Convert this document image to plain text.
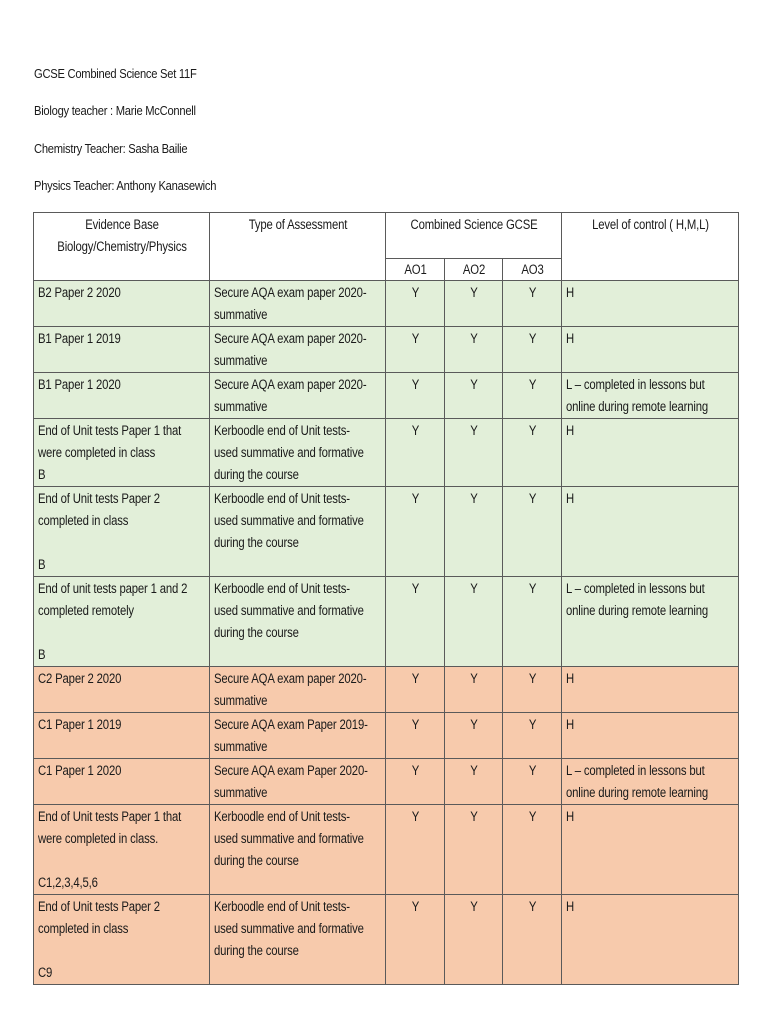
GCSE Combined Science Set 11F
Biology teacher : Marie McConnell
Chemistry Teacher: Sasha Bailie
Physics Teacher: Anthony Kanasewich
Evidence Base
Biology/Chemistry/Physics	Type of Assessment	Combined Science GCSE			Level of control ( H,M,L)

		AO1	AO2	AO3	

B2 Paper 2 2020	Secure AQA exam paper 2020-
summative	Y	Y	Y	H
B1 Paper 1 2019	Secure AQA exam paper 2020-
summative	Y	Y	Y	H
B1 Paper 1 2020	Secure AQA exam paper 2020-
summative	Y	Y	Y	L – completed in lessons but
online during remote learning
End of Unit tests Paper 1 that
were completed in class
B	Kerboodle end of Unit tests-
used summative and formative
during the course	Y	Y	Y	H
End of Unit tests Paper 2
completed in class

B	Kerboodle end of Unit tests-
used summative and formative
during the course	Y	Y	Y	H
End of unit tests paper 1 and 2
completed remotely

B	Kerboodle end of Unit tests-
used summative and formative
during the course	Y	Y	Y	L – completed in lessons but
online during remote learning
C2 Paper 2 2020	Secure AQA exam paper 2020-
summative	Y	Y	Y	H
C1 Paper 1 2019	Secure AQA exam Paper 2019-
summative	Y	Y	Y	H
C1 Paper 1 2020	Secure AQA exam Paper 2020-
summative	Y	Y	Y	L – completed in lessons but
online during remote learning
End of Unit tests Paper 1 that
were completed in class.

C1,2,3,4,5,6	Kerboodle end of Unit tests-
used summative and formative
during the course	Y	Y	Y	H
End of Unit tests Paper 2
completed in class

C9	Kerboodle end of Unit tests-
used summative and formative
during the course	Y	Y	Y	H
